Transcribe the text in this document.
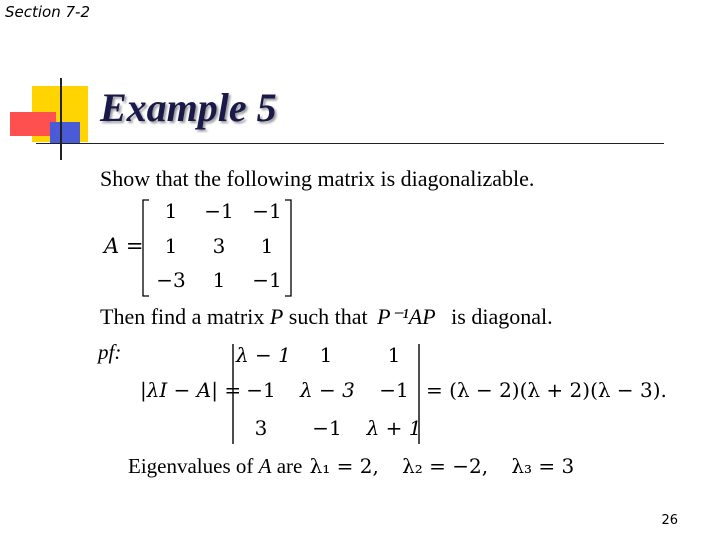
Section 7-2
Example 5
Show that the following matrix is diagonalizable.
A =
1	−1 −1
1	3	1
−3	1	−1
Then find a matrix P such that P⁻¹AP is diagonal.
pf:
|λI − A| =
λ − 1	1	1
−1	λ − 3	−1
3	−1	λ + 1
= (λ − 2)(λ + 2)(λ − 3).
Eigenvalues of A are λ₁ = 2, λ₂ = −2, λ₃ = 3
26
